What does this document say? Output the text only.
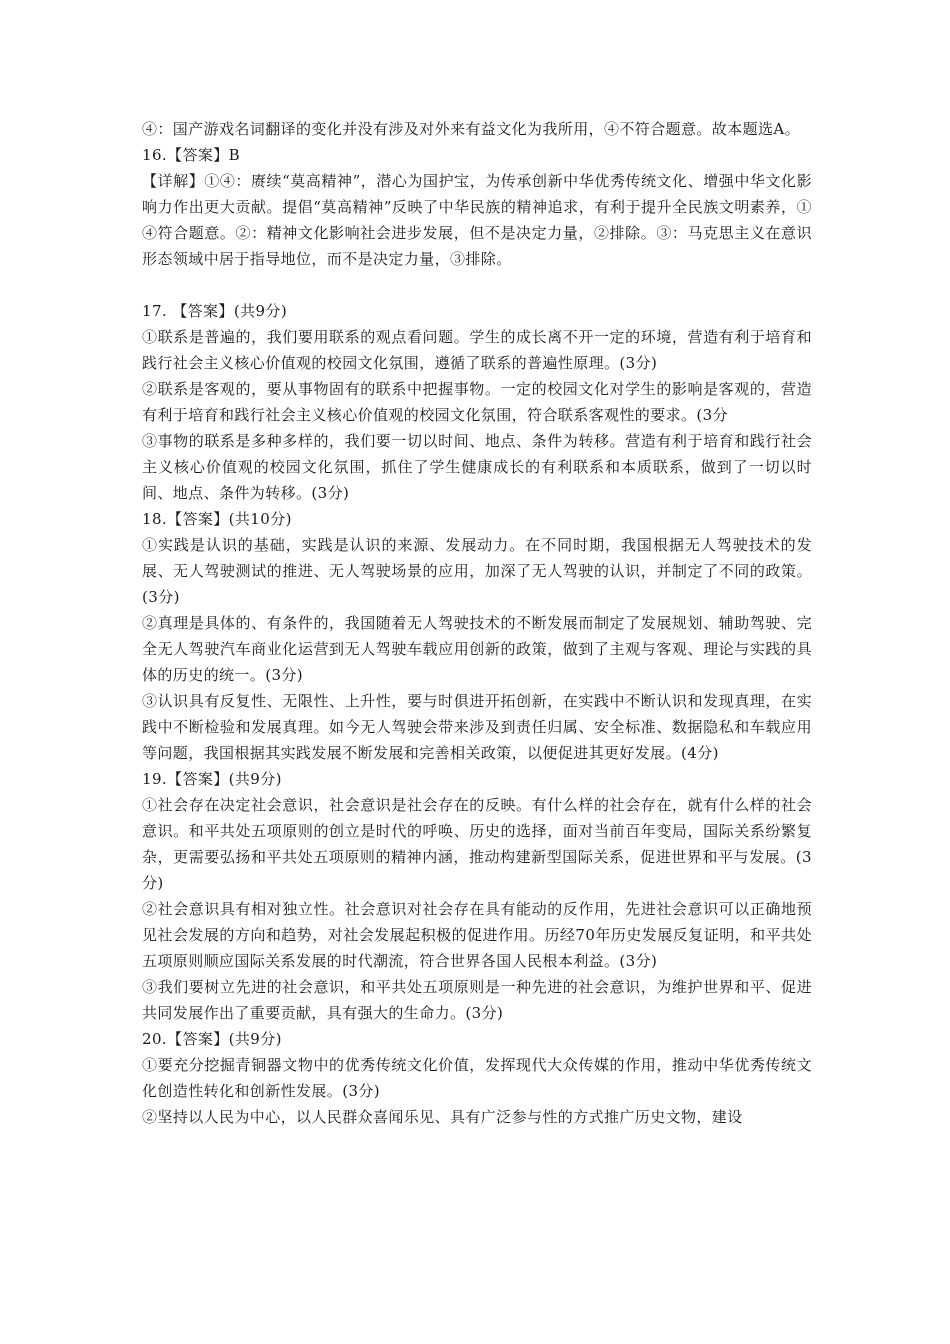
④：国产游戏名词翻译的变化并没有涉及对外来有益文化为我所用，④不符合题意。故本题选A。

16.【答案】B

【详解】①④：赓续“莫高精神”，潜心为国护宝，为传承创新中华优秀传统文化、增强中华文化影响力作出更大贡献。提倡“莫高精神”反映了中华民族的精神追求，有利于提升全民族文明素养，①④符合题意。②：精神文化影响社会进步发展，但不是决定力量，②排除。③：马克思主义在意识形态领域中居于指导地位，而不是决定力量，③排除。

17. 【答案】(共9分)

①联系是普遍的，我们要用联系的观点看问题。学生的成长离不开一定的环境，营造有利于培育和践行社会主义核心价值观的校园文化氛围，遵循了联系的普遍性原理。(3分)

②联系是客观的，要从事物固有的联系中把握事物。一定的校园文化对学生的影响是客观的，营造有利于培育和践行社会主义核心价值观的校园文化氛围，符合联系客观性的要求。(3分

③事物的联系是多种多样的，我们要一切以时间、地点、条件为转移。营造有利于培育和践行社会主义核心价值观的校园文化氛围，抓住了学生健康成长的有利联系和本质联系，做到了一切以时间、地点、条件为转移。(3分)

18.【答案】(共10分)

①实践是认识的基础，实践是认识的来源、发展动力。在不同时期，我国根据无人驾驶技术的发展、无人驾驶测试的推进、无人驾驶场景的应用，加深了无人驾驶的认识，并制定了不同的政策。(3分)

②真理是具体的、有条件的，我国随着无人驾驶技术的不断发展而制定了发展规划、辅助驾驶、完全无人驾驶汽车商业化运营到无人驾驶车载应用创新的政策，做到了主观与客观、理论与实践的具体的历史的统一。(3分)

③认识具有反复性、无限性、上升性，要与时俱进开拓创新，在实践中不断认识和发现真理，在实践中不断检验和发展真理。如今无人驾驶会带来涉及到责任归属、安全标准、数据隐私和车载应用等问题，我国根据其实践发展不断发展和完善相关政策，以便促进其更好发展。(4分)

19.【答案】(共9分)

①社会存在决定社会意识，社会意识是社会存在的反映。有什么样的社会存在，就有什么样的社会意识。和平共处五项原则的创立是时代的呼唤、历史的选择，面对当前百年变局，国际关系纷繁复杂，更需要弘扬和平共处五项原则的精神内涵，推动构建新型国际关系，促进世界和平与发展。(3分)

②社会意识具有相对独立性。社会意识对社会存在具有能动的反作用，先进社会意识可以正确地预见社会发展的方向和趋势，对社会发展起积极的促进作用。历经70年历史发展反复证明，和平共处五项原则顺应国际关系发展的时代潮流，符合世界各国人民根本利益。(3分)

③我们要树立先进的社会意识，和平共处五项原则是一种先进的社会意识，为维护世界和平、促进共同发展作出了重要贡献，具有强大的生命力。(3分)

20.【答案】(共9分)

①要充分挖掘青铜器文物中的优秀传统文化价值，发挥现代大众传媒的作用，推动中华优秀传统文化创造性转化和创新性发展。(3分)

②坚持以人民为中心，以人民群众喜闻乐见、具有广泛参与性的方式推广历史文物，建设
